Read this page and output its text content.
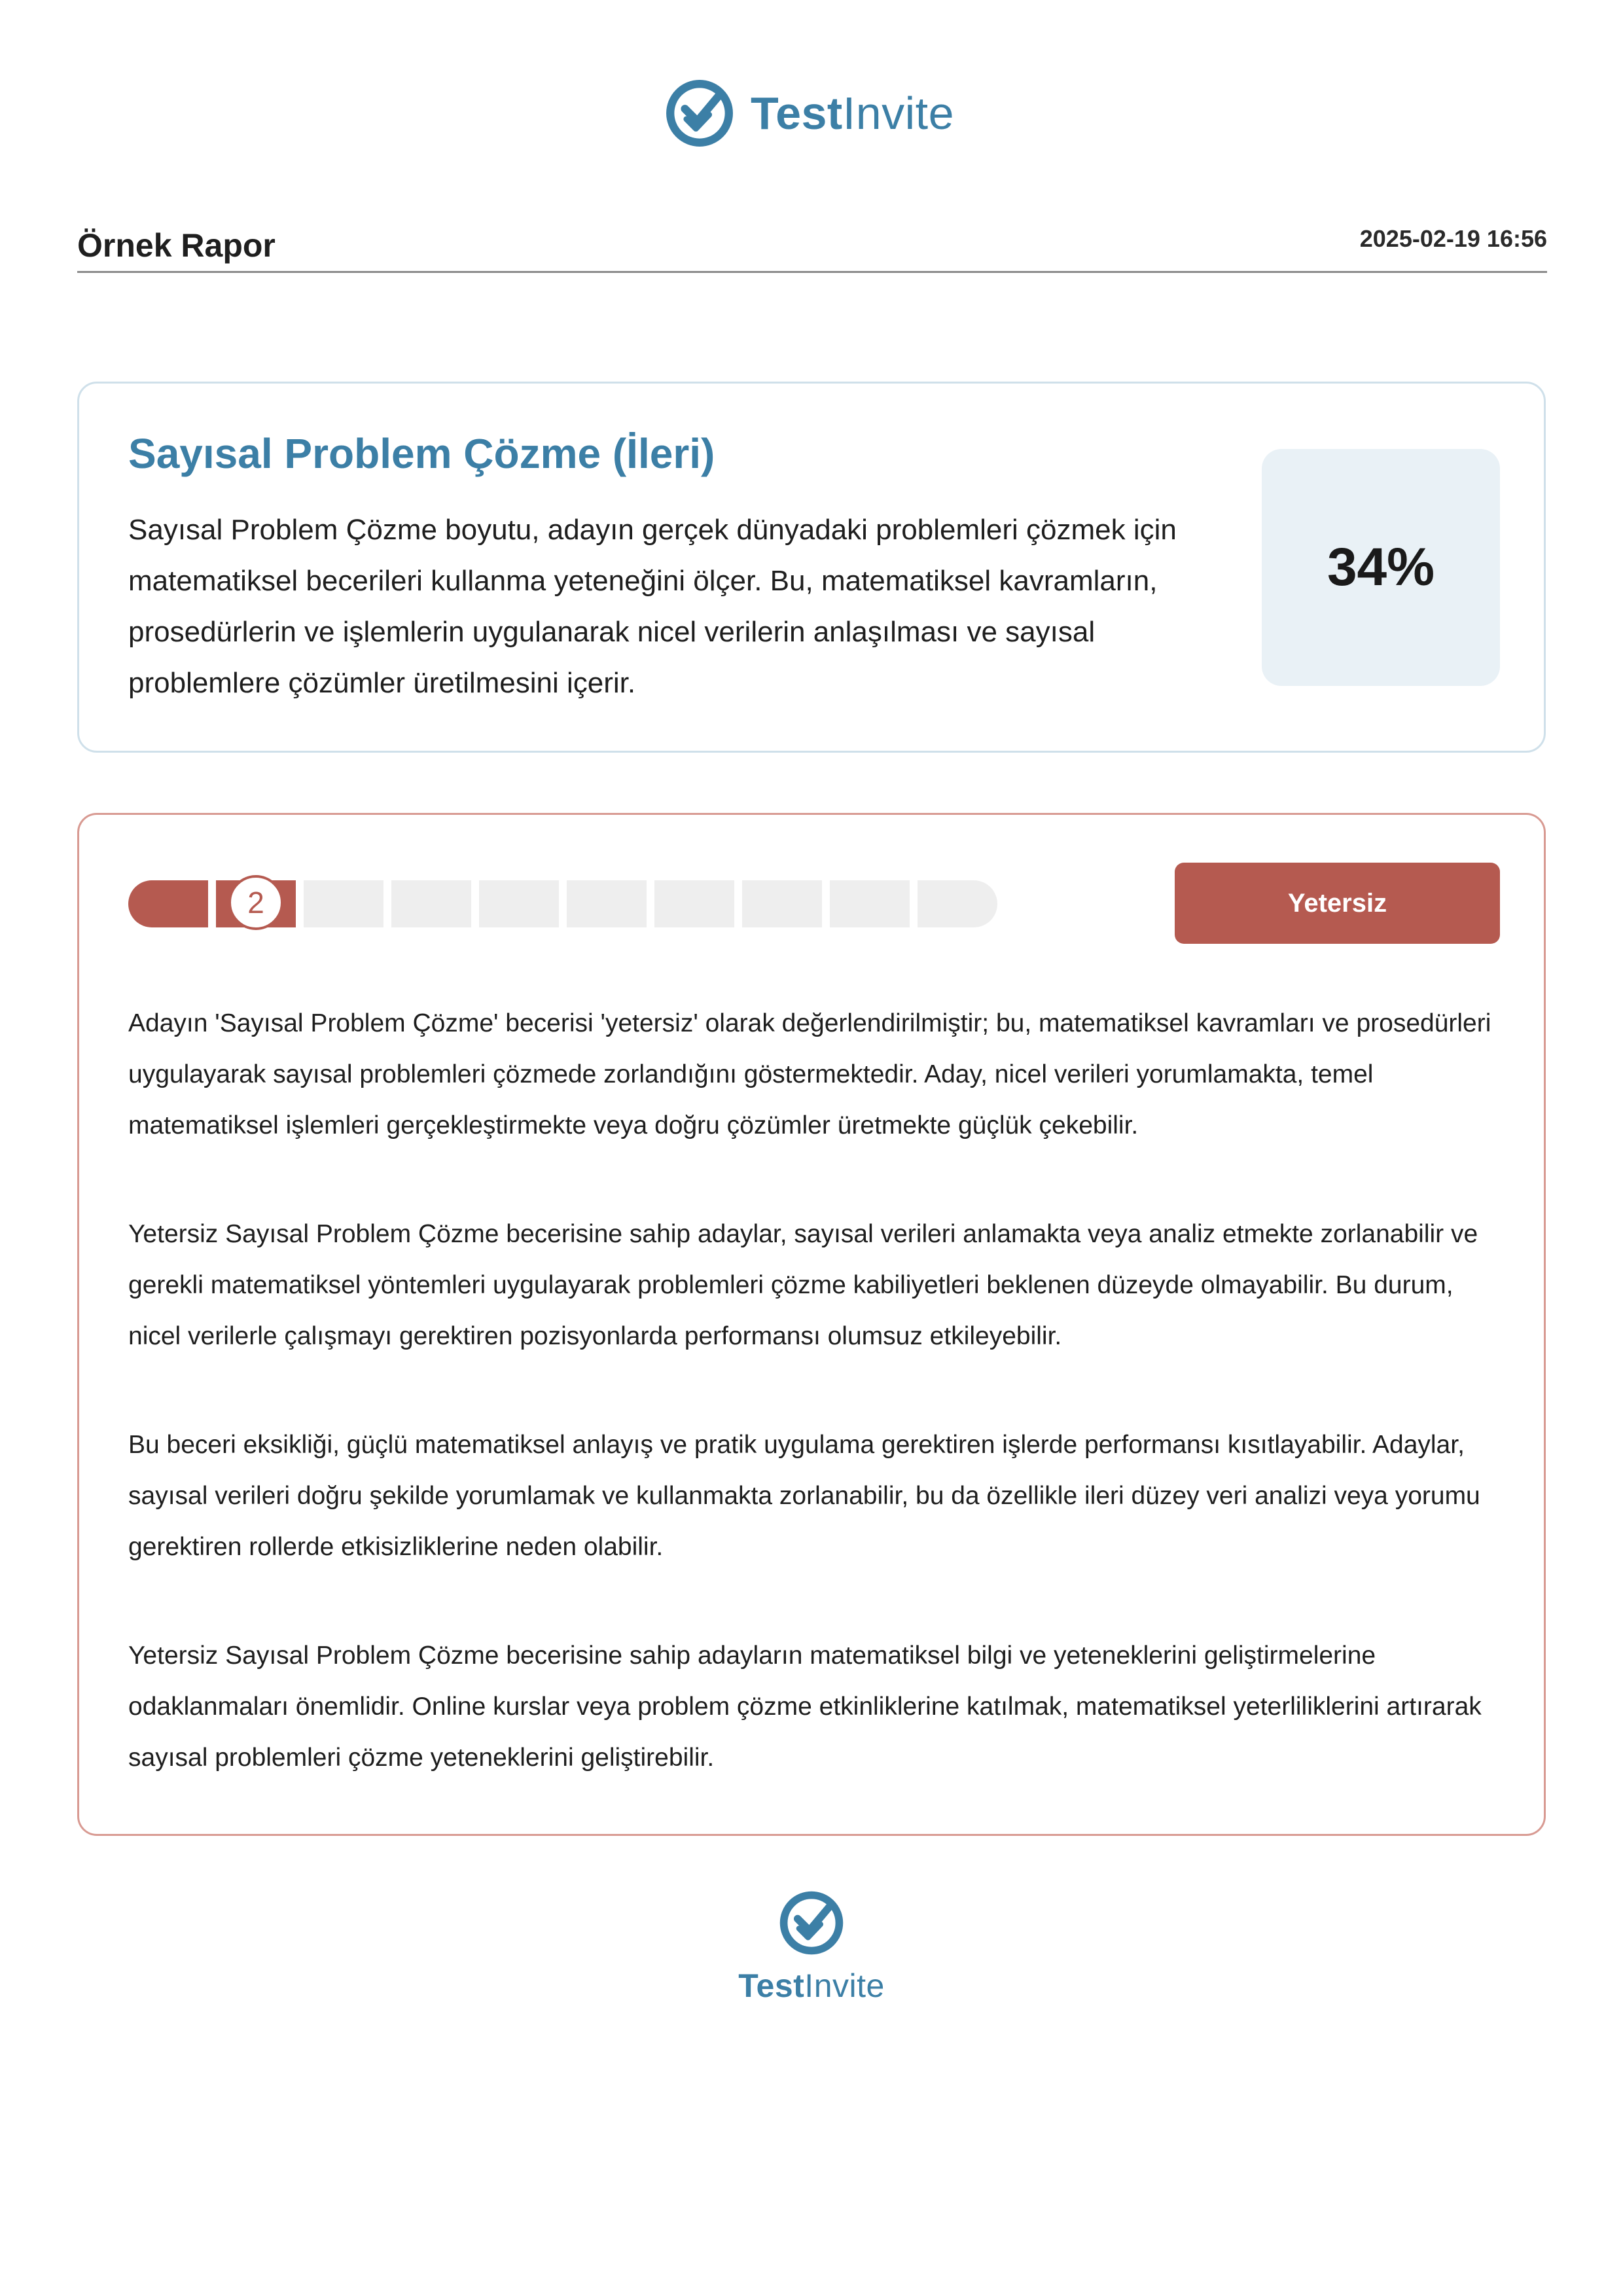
TestInvite
Örnek Rapor	2025-02-19 16:56
Sayısal Problem Çözme (İleri)
Sayısal Problem Çözme boyutu, adayın gerçek dünyadaki problemleri çözmek için matematiksel becerileri kullanma yeteneğini ölçer. Bu, matematiksel kavramların, prosedürlerin ve işlemlerin uygulanarak nicel verilerin anlaşılması ve sayısal problemlere çözümler üretilmesini içerir.
34%
2	Yetersiz

Adayın 'Sayısal Problem Çözme' becerisi 'yetersiz' olarak değerlendirilmiştir; bu, matematiksel kavramları ve prosedürleri uygulayarak sayısal problemleri çözmede zorlandığını göstermektedir. Aday, nicel verileri yorumlamakta, temel matematiksel işlemleri gerçekleştirmekte veya doğru çözümler üretmekte güçlük çekebilir.

Yetersiz Sayısal Problem Çözme becerisine sahip adaylar, sayısal verileri anlamakta veya analiz etmekte zorlanabilir ve gerekli matematiksel yöntemleri uygulayarak problemleri çözme kabiliyetleri beklenen düzeyde olmayabilir. Bu durum, nicel verilerle çalışmayı gerektiren pozisyonlarda performansı olumsuz etkileyebilir.

Bu beceri eksikliği, güçlü matematiksel anlayış ve pratik uygulama gerektiren işlerde performansı kısıtlayabilir. Adaylar, sayısal verileri doğru şekilde yorumlamak ve kullanmakta zorlanabilir, bu da özellikle ileri düzey veri analizi veya yorumu gerektiren rollerde etkisizliklerine neden olabilir.

Yetersiz Sayısal Problem Çözme becerisine sahip adayların matematiksel bilgi ve yeteneklerini geliştirmelerine odaklanmaları önemlidir. Online kurslar veya problem çözme etkinliklerine katılmak, matematiksel yeterliliklerini artırarak sayısal problemleri çözme yeteneklerini geliştirebilir.

TestInvite
